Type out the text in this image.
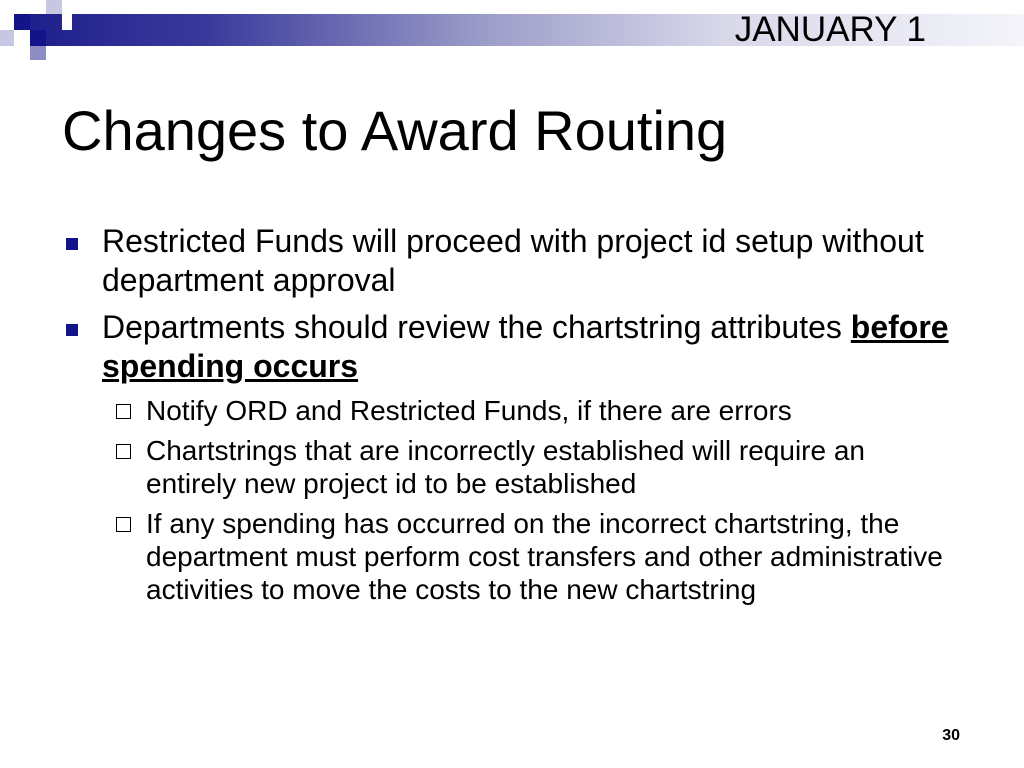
JANUARY 1
Changes to Award Routing
Restricted Funds will proceed with project id setup without department approval
Departments should review the chartstring attributes before spending occurs
Notify ORD and Restricted Funds, if there are errors
Chartstrings that are incorrectly established will require an entirely new project id to be established
If any spending has occurred on the incorrect chartstring, the department must perform cost transfers and other administrative activities to move the costs to the new chartstring
30
